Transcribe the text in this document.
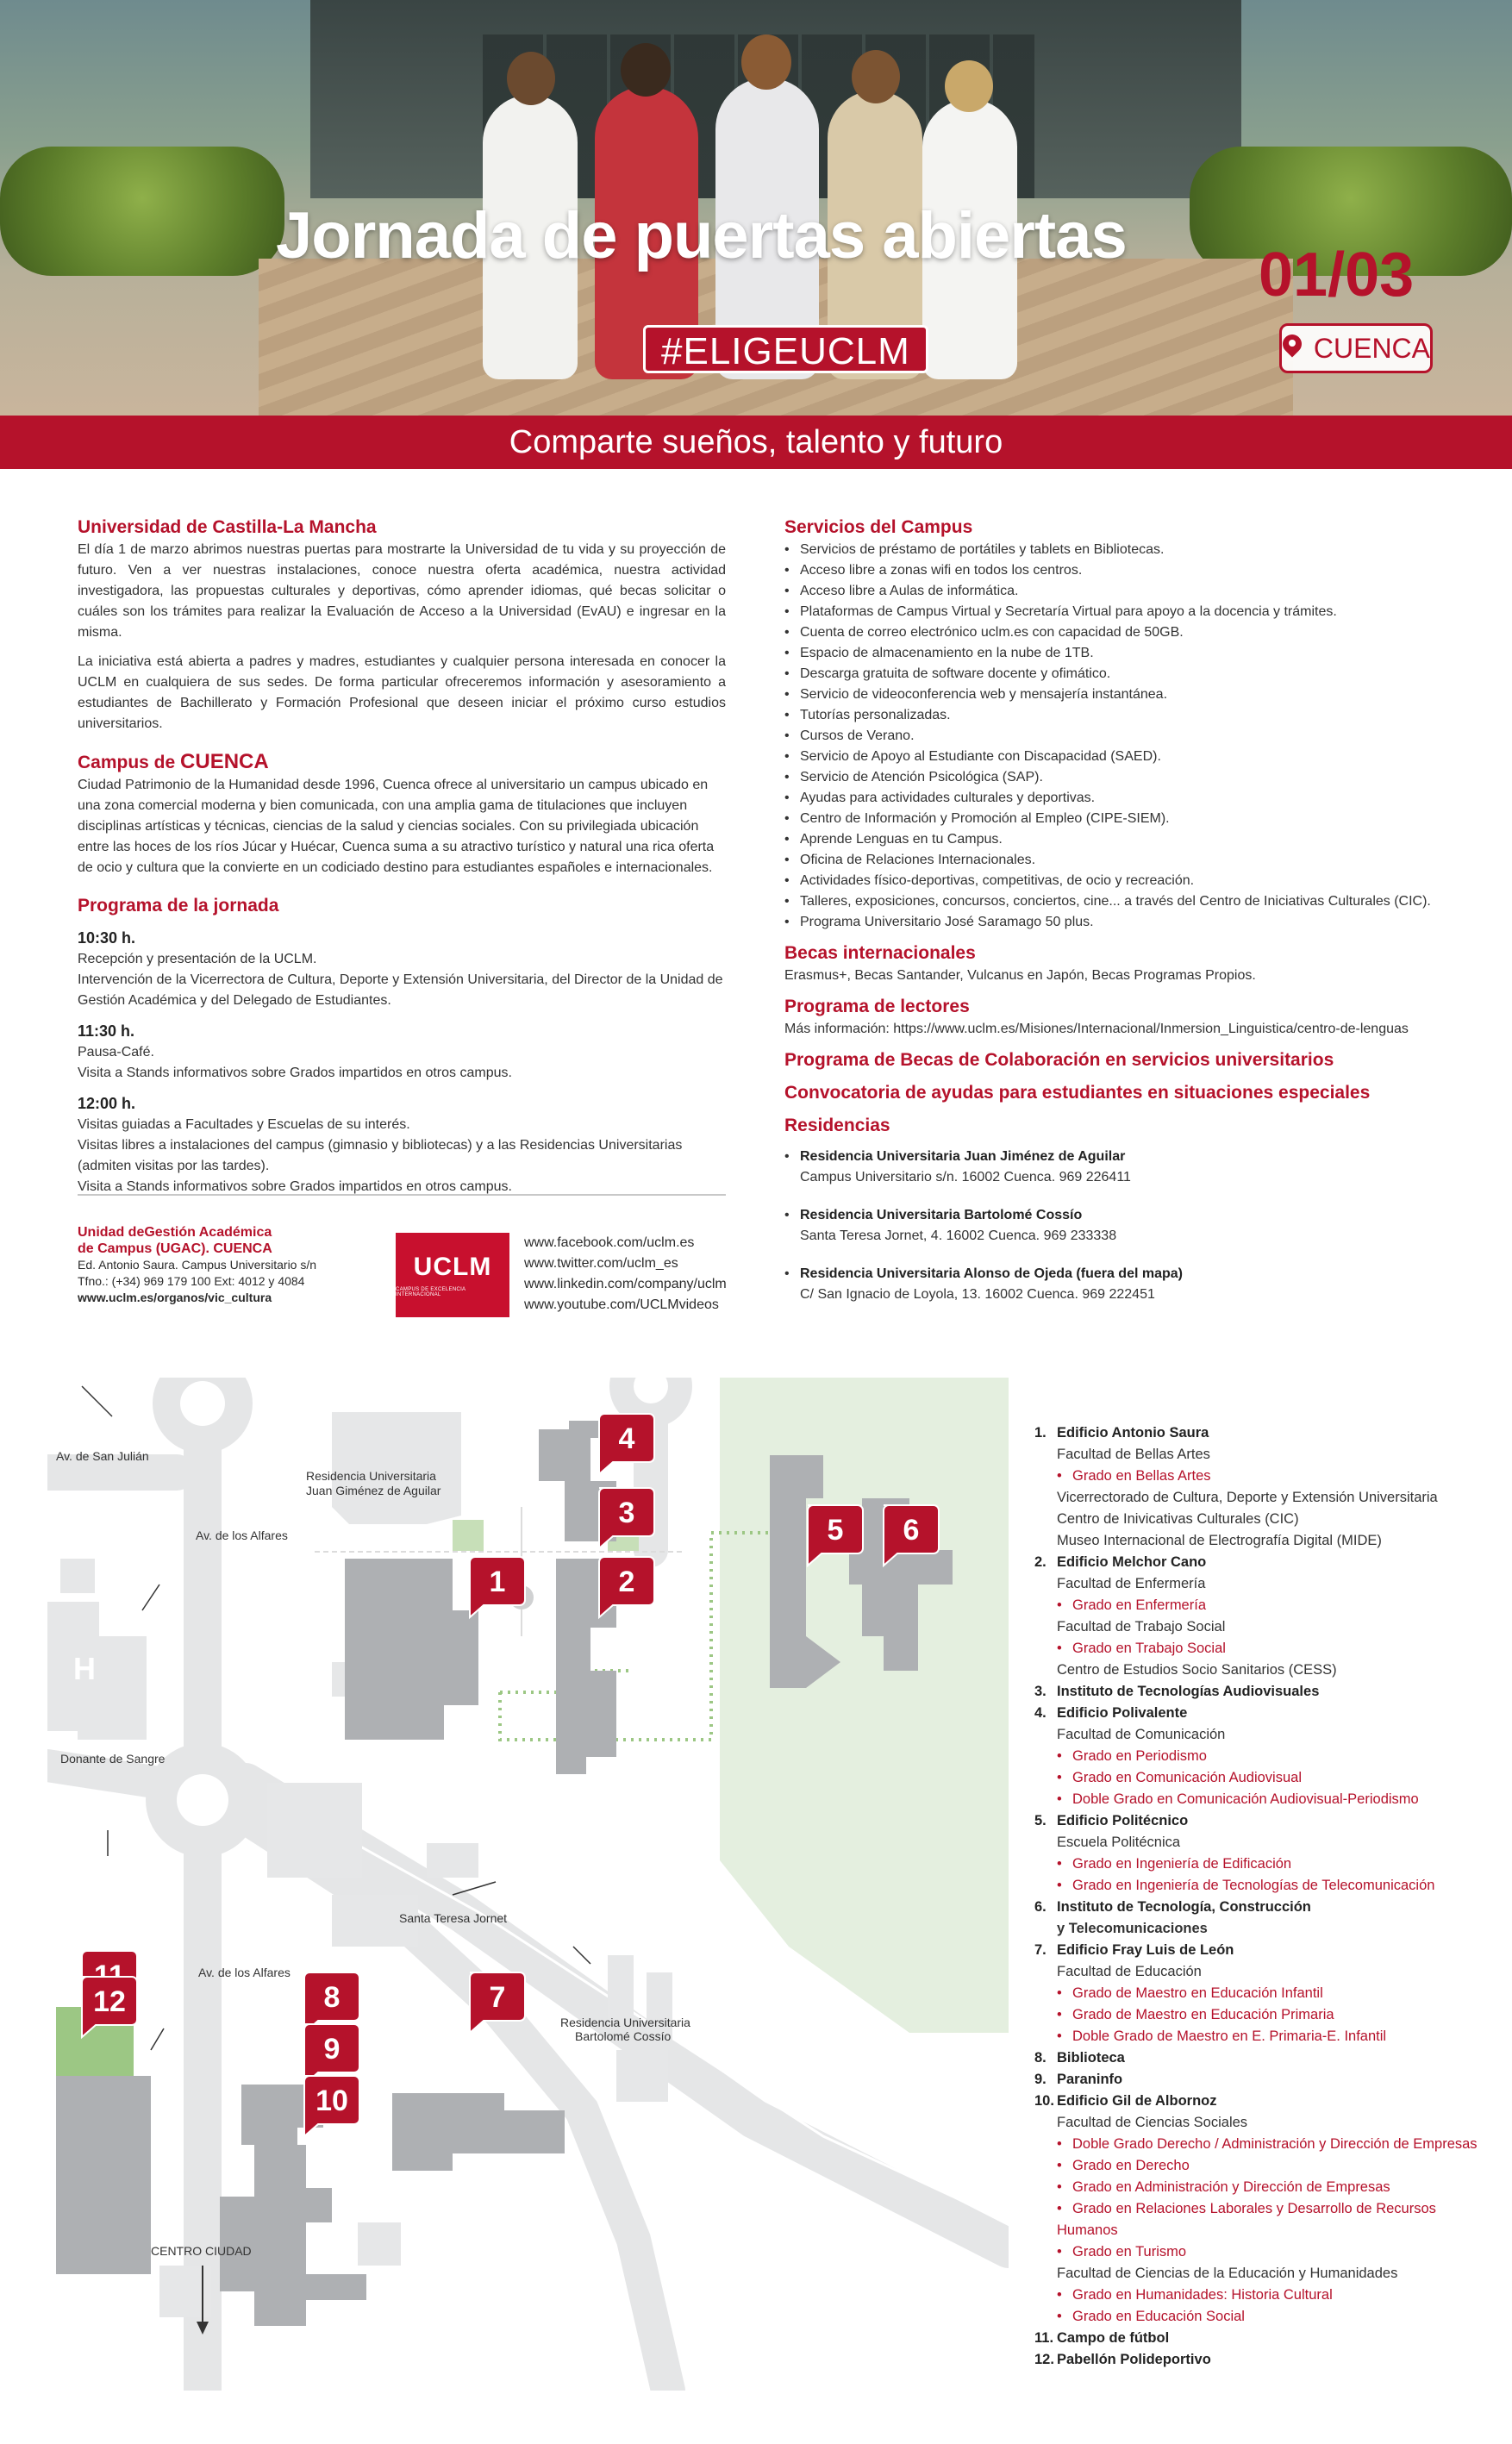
Jornada de puertas abiertas
#ELIGEUCLM
01/03
CUENCA
Comparte sueños, talento y futuro
Universidad de Castilla-La Mancha

El día 1 de marzo abrimos nuestras puertas para mostrarte la Universidad de tu vida y su proyección de futuro. Ven a ver nuestras instalaciones, conoce nuestra oferta académica, nuestra actividad investigadora, las propuestas culturales y deportivas, cómo aprender idiomas, qué becas solicitar o cuáles son los trámites para realizar la Evaluación de Acceso a la Universidad (EvAU) e ingresar en la misma.

La iniciativa está abierta a padres y madres, estudiantes y cualquier persona interesada en conocer la UCLM en cualquiera de sus sedes. De forma particular ofreceremos información y asesoramiento a estudiantes de Bachillerato y Formación Profesional que deseen iniciar el próximo curso estudios universitarios.

Campus de CUENCA

Ciudad Patrimonio de la Humanidad desde 1996, Cuenca ofrece al universitario un campus ubicado en una zona comercial moderna y bien comunicada, con una amplia gama de titulaciones que incluyen disciplinas artísticas y técnicas, ciencias de la salud y ciencias sociales. Con su privilegiada ubicación entre las hoces de los ríos Júcar y Huécar, Cuenca suma a su atractivo turístico y natural una rica oferta de ocio y cultura que la convierte en un codiciado destino para estudiantes españoles e internacionales.

Programa de la jornada
10:30 h.
Recepción y presentación de la UCLM.
Intervención de la Vicerrectora de Cultura, Deporte y Extensión Universitaria, del Director de la Unidad de Gestión Académica y del Delegado de Estudiantes.
11:30 h.
Pausa-Café.
Visita a Stands informativos sobre Grados impartidos en otros campus.
12:00 h.
Visitas guiadas a Facultades y Escuelas de su interés.
Visitas libres a instalaciones del campus (gimnasio y bibliotecas) y a las Residencias Universitarias (admiten visitas por las tardes).
Visita a Stands informativos sobre Grados impartidos en otros campus.
Unidad deGestión Académica
de Campus (UGAC). CUENCA
Ed. Antonio Saura. Campus Universitario s/n
Tfno.: (+34) 969 179 100 Ext: 4012 y 4084
www.uclm.es/organos/vic_cultura
UCLM
CAMPUS DE EXCELENCIA INTERNACIONAL
www.facebook.com/uclm.es
www.twitter.com/uclm_es
www.linkedin.com/company/uclm
www.youtube.com/UCLMvideos
Servicios del Campus
• Servicios de préstamo de portátiles y tablets en Bibliotecas.
• Acceso libre a zonas wifi en todos los centros.
• Acceso libre a Aulas de informática.
• Plataformas de Campus Virtual y Secretaría Virtual para apoyo a la docencia y trámites.
• Cuenta de correo electrónico uclm.es con capacidad de 50GB.
• Espacio de almacenamiento en la nube de 1TB.
• Descarga gratuita de software docente y ofimático.
• Servicio de videoconferencia web y mensajería instantánea.
• Tutorías personalizadas.
• Cursos de Verano.
• Servicio de Apoyo al Estudiante con Discapacidad (SAED).
• Servicio de Atención Psicológica (SAP).
• Ayudas para actividades culturales y deportivas.
• Centro de Información y Promoción al Empleo (CIPE-SIEM).
• Aprende Lenguas en tu Campus.
• Oficina de Relaciones Internacionales.
• Actividades físico-deportivas, competitivas, de ocio y recreación.
• Talleres, exposiciones, concursos, conciertos, cine... a través del Centro de Iniciativas Culturales (CIC).
• Programa Universitario José Saramago 50 plus.
Becas internacionales
Erasmus+, Becas Santander, Vulcanus en Japón, Becas Programas Propios.
Programa de lectores
Más información: https://www.uclm.es/Misiones/Internacional/Inmersion_Linguistica/centro-de-lenguas
Programa de Becas de Colaboración en servicios universitarios
Convocatoria de ayudas para estudiantes en situaciones especiales
Residencias
• Residencia Universitaria Juan Jiménez de Aguilar
Campus Universitario s/n. 16002 Cuenca. 969 226411
• Residencia Universitaria Bartolomé Cossío
Santa Teresa Jornet, 4. 16002 Cuenca. 969 233338
• Residencia Universitaria Alonso de Ojeda (fuera del mapa)
C/ San Ignacio de Loyola, 13. 16002 Cuenca. 969 222451
Av. de San Julián
Av. de los Alfares
Residencia Universitaria
Juan Giménez de Aguilar
H
Donante de Sangre
Santa Teresa Jornet
Av. de los Alfares
Residencia Universitaria
Bartolomé Cossío
CENTRO CIUDAD
1	2
3
4
5 6
7
8
9
10
12
1. Edificio Antonio Saura
Facultad de Bellas Artes
• Grado en Bellas Artes
Vicerrectorado de Cultura, Deporte y Extensión Universitaria
Centro de Inivicativas Culturales (CIC)
Museo Internacional de Electrografía Digital (MIDE)
2. Edificio Melchor Cano
Facultad de Enfermería
• Grado en Enfermería
Facultad de Trabajo Social
• Grado en Trabajo Social
Centro de Estudios Socio Sanitarios (CESS)
3. Instituto de Tecnologías Audiovisuales
4. Edificio Polivalente
Facultad de Comunicación
• Grado en Periodismo
• Grado en Comunicación Audiovisual
• Doble Grado en Comunicación Audiovisual-Periodismo
5. Edificio Politécnico
Escuela Politécnica
• Grado en Ingeniería de Edificación
• Grado en Ingeniería de Tecnologías de Telecomunicación
6. Instituto de Tecnología, Construcción
y Telecomunicaciones
7. Edificio Fray Luis de León
Facultad de Educación
• Grado de Maestro en Educación Infantil
• Grado de Maestro en Educación Primaria
• Doble Grado de Maestro en E. Primaria-E. Infantil
8. Biblioteca
9. Paraninfo
10. Edificio Gil de Albornoz
Facultad de Ciencias Sociales
• Doble Grado Derecho / Administración y Dirección de Empresas
• Grado en Derecho
• Grado en Administración y Dirección de Empresas
• Grado en Relaciones Laborales y Desarrollo de Recursos Humanos
• Grado en Turismo
Facultad de Ciencias de la Educación y Humanidades
• Grado en Humanidades: Historia Cultural
• Grado en Educación Social
11. Campo de fútbol
12. Pabellón Polideportivo
